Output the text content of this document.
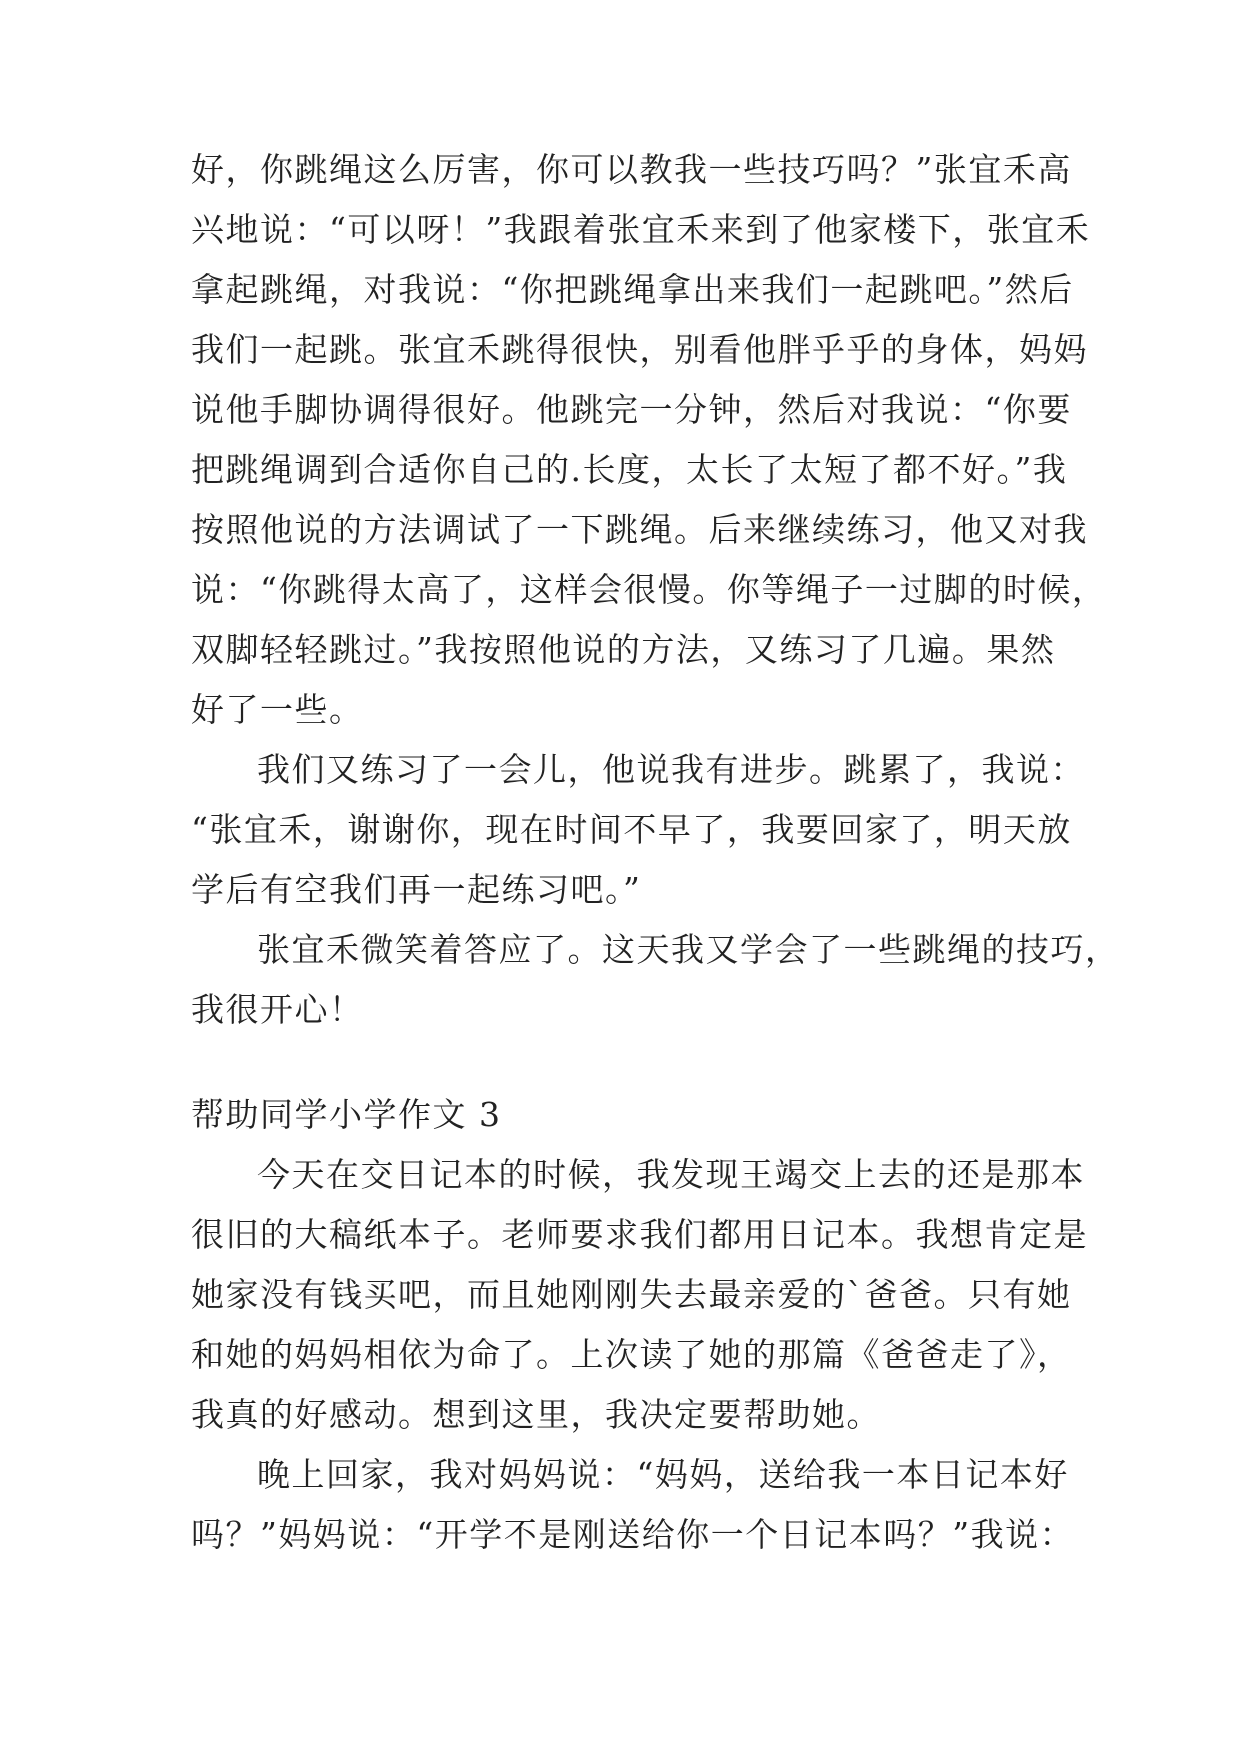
好，你跳绳这么厉害，你可以教我一些技巧吗？”张宜禾高
兴地说：“可以呀！”我跟着张宜禾来到了他家楼下，张宜禾
拿起跳绳，对我说：“你把跳绳拿出来我们一起跳吧。”然后
我们一起跳。张宜禾跳得很快，别看他胖乎乎的身体，妈妈
说他手脚协调得很好。他跳完一分钟，然后对我说：“你要
把跳绳调到合适你自己的.长度，太长了太短了都不好。”我
按照他说的方法调试了一下跳绳。后来继续练习，他又对我
说：“你跳得太高了，这样会很慢。你等绳子一过脚的时候，
双脚轻轻跳过。”我按照他说的方法，又练习了几遍。果然
好了一些。
我们又练习了一会儿，他说我有进步。跳累了，我说：
“张宜禾，谢谢你，现在时间不早了，我要回家了，明天放
学后有空我们再一起练习吧。”
张宜禾微笑着答应了。这天我又学会了一些跳绳的技巧，
我很开心！
帮助同学小学作文 3
今天在交日记本的时候，我发现王竭交上去的还是那本
很旧的大稿纸本子。老师要求我们都用日记本。我想肯定是
她家没有钱买吧，而且她刚刚失去最亲爱的`爸爸。只有她
和她的妈妈相依为命了。上次读了她的那篇《爸爸走了》，
我真的好感动。想到这里，我决定要帮助她。
晚上回家，我对妈妈说：“妈妈，送给我一本日记本好
吗？”妈妈说：“开学不是刚送给你一个日记本吗？”我说：
